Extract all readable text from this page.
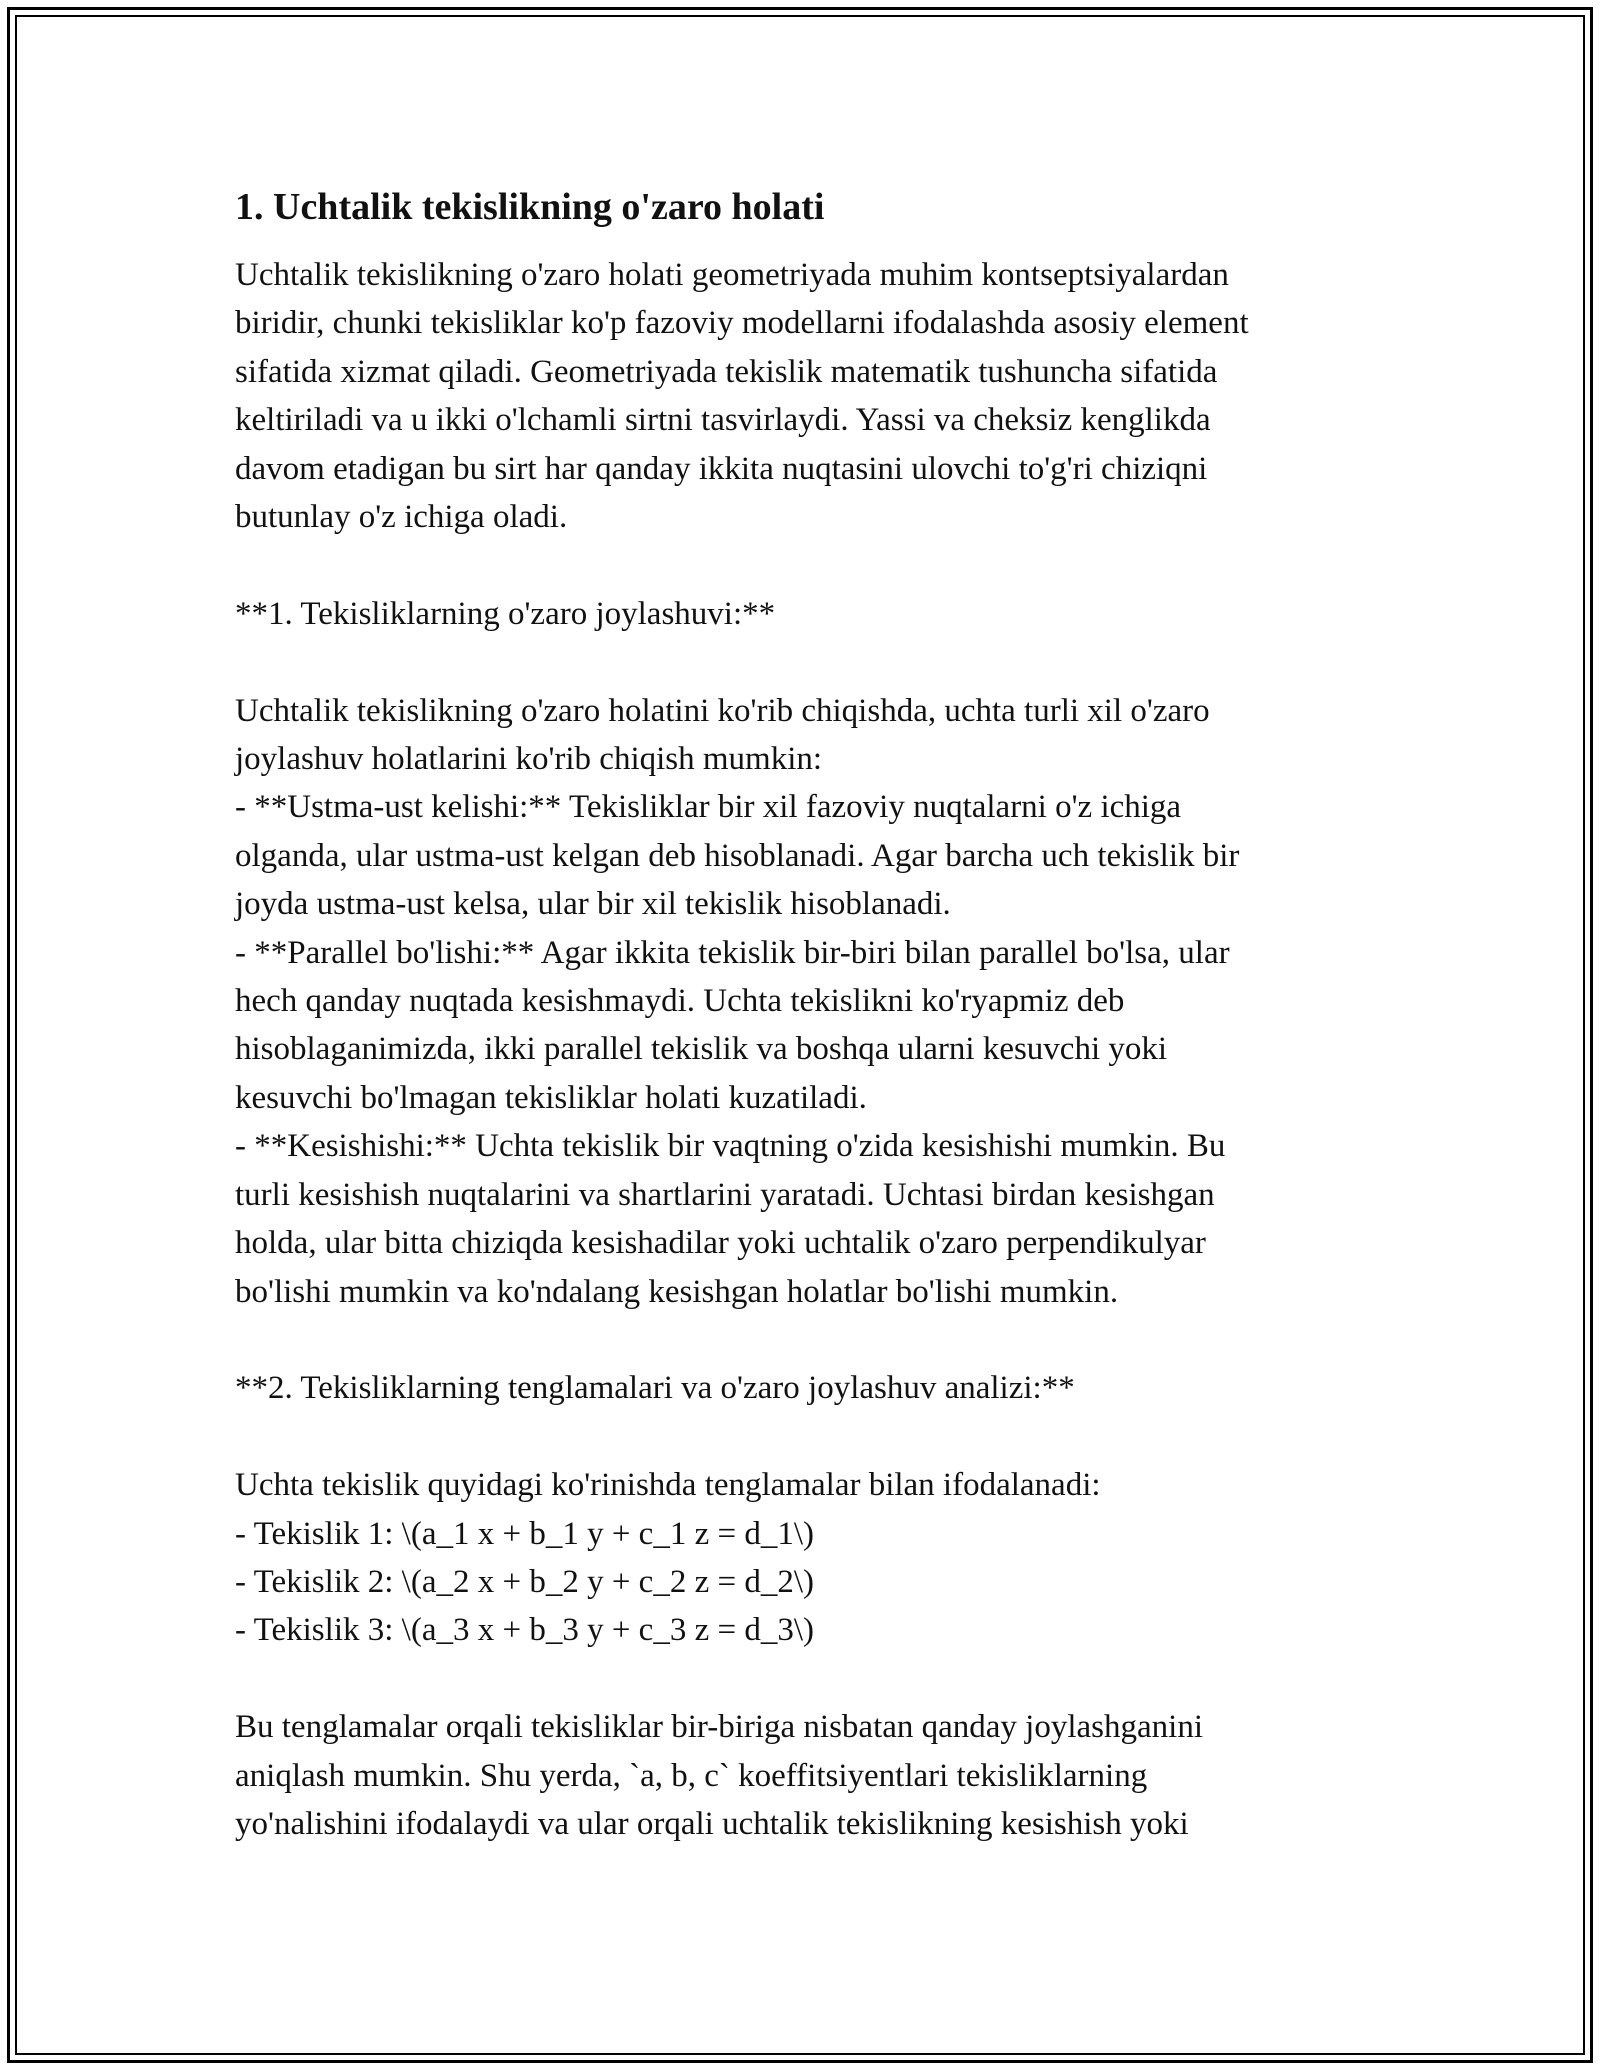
1. Uchtalik tekislikning o'zaro holati
Uchtalik tekislikning o'zaro holati geometriyada muhim kontseptsiyalardan
biridir, chunki tekisliklar ko'p fazoviy modellarni ifodalashda asosiy element
sifatida xizmat qiladi. Geometriyada tekislik matematik tushuncha sifatida
keltiriladi va u ikki o'lchamli sirtni tasvirlaydi. Yassi va cheksiz kenglikda
davom etadigan bu sirt har qanday ikkita nuqtasini ulovchi to'g'ri chiziqni
butunlay o'z ichiga oladi.
**1. Tekisliklarning o'zaro joylashuvi:**
Uchtalik tekislikning o'zaro holatini ko'rib chiqishda, uchta turli xil o'zaro
joylashuv holatlarini ko'rib chiqish mumkin:
- **Ustma-ust kelishi:** Tekisliklar bir xil fazoviy nuqtalarni o'z ichiga
olganda, ular ustma-ust kelgan deb hisoblanadi. Agar barcha uch tekislik bir
joyda ustma-ust kelsa, ular bir xil tekislik hisoblanadi.
- **Parallel bo'lishi:** Agar ikkita tekislik bir-biri bilan parallel bo'lsa, ular
hech qanday nuqtada kesishmaydi. Uchta tekislikni ko'ryapmiz deb
hisoblaganimizda, ikki parallel tekislik va boshqa ularni kesuvchi yoki
kesuvchi bo'lmagan tekisliklar holati kuzatiladi.
- **Kesishishi:** Uchta tekislik bir vaqtning o'zida kesishishi mumkin. Bu
turli kesishish nuqtalarini va shartlarini yaratadi. Uchtasi birdan kesishgan
holda, ular bitta chiziqda kesishadilar yoki uchtalik o'zaro perpendikulyar
bo'lishi mumkin va ko'ndalang kesishgan holatlar bo'lishi mumkin.
**2. Tekisliklarning tenglamalari va o'zaro joylashuv analizi:**
Uchta tekislik quyidagi ko'rinishda tenglamalar bilan ifodalanadi:
- Tekislik 1: \(a_1 x + b_1 y + c_1 z = d_1\)
- Tekislik 2: \(a_2 x + b_2 y + c_2 z = d_2\)
- Tekislik 3: \(a_3 x + b_3 y + c_3 z = d_3\)
Bu tenglamalar orqali tekisliklar bir-biriga nisbatan qanday joylashganini
aniqlash mumkin. Shu yerda, `a, b, c` koeffitsiyentlari tekisliklarning
yo'nalishini ifodalaydi va ular orqali uchtalik tekislikning kesishish yoki
